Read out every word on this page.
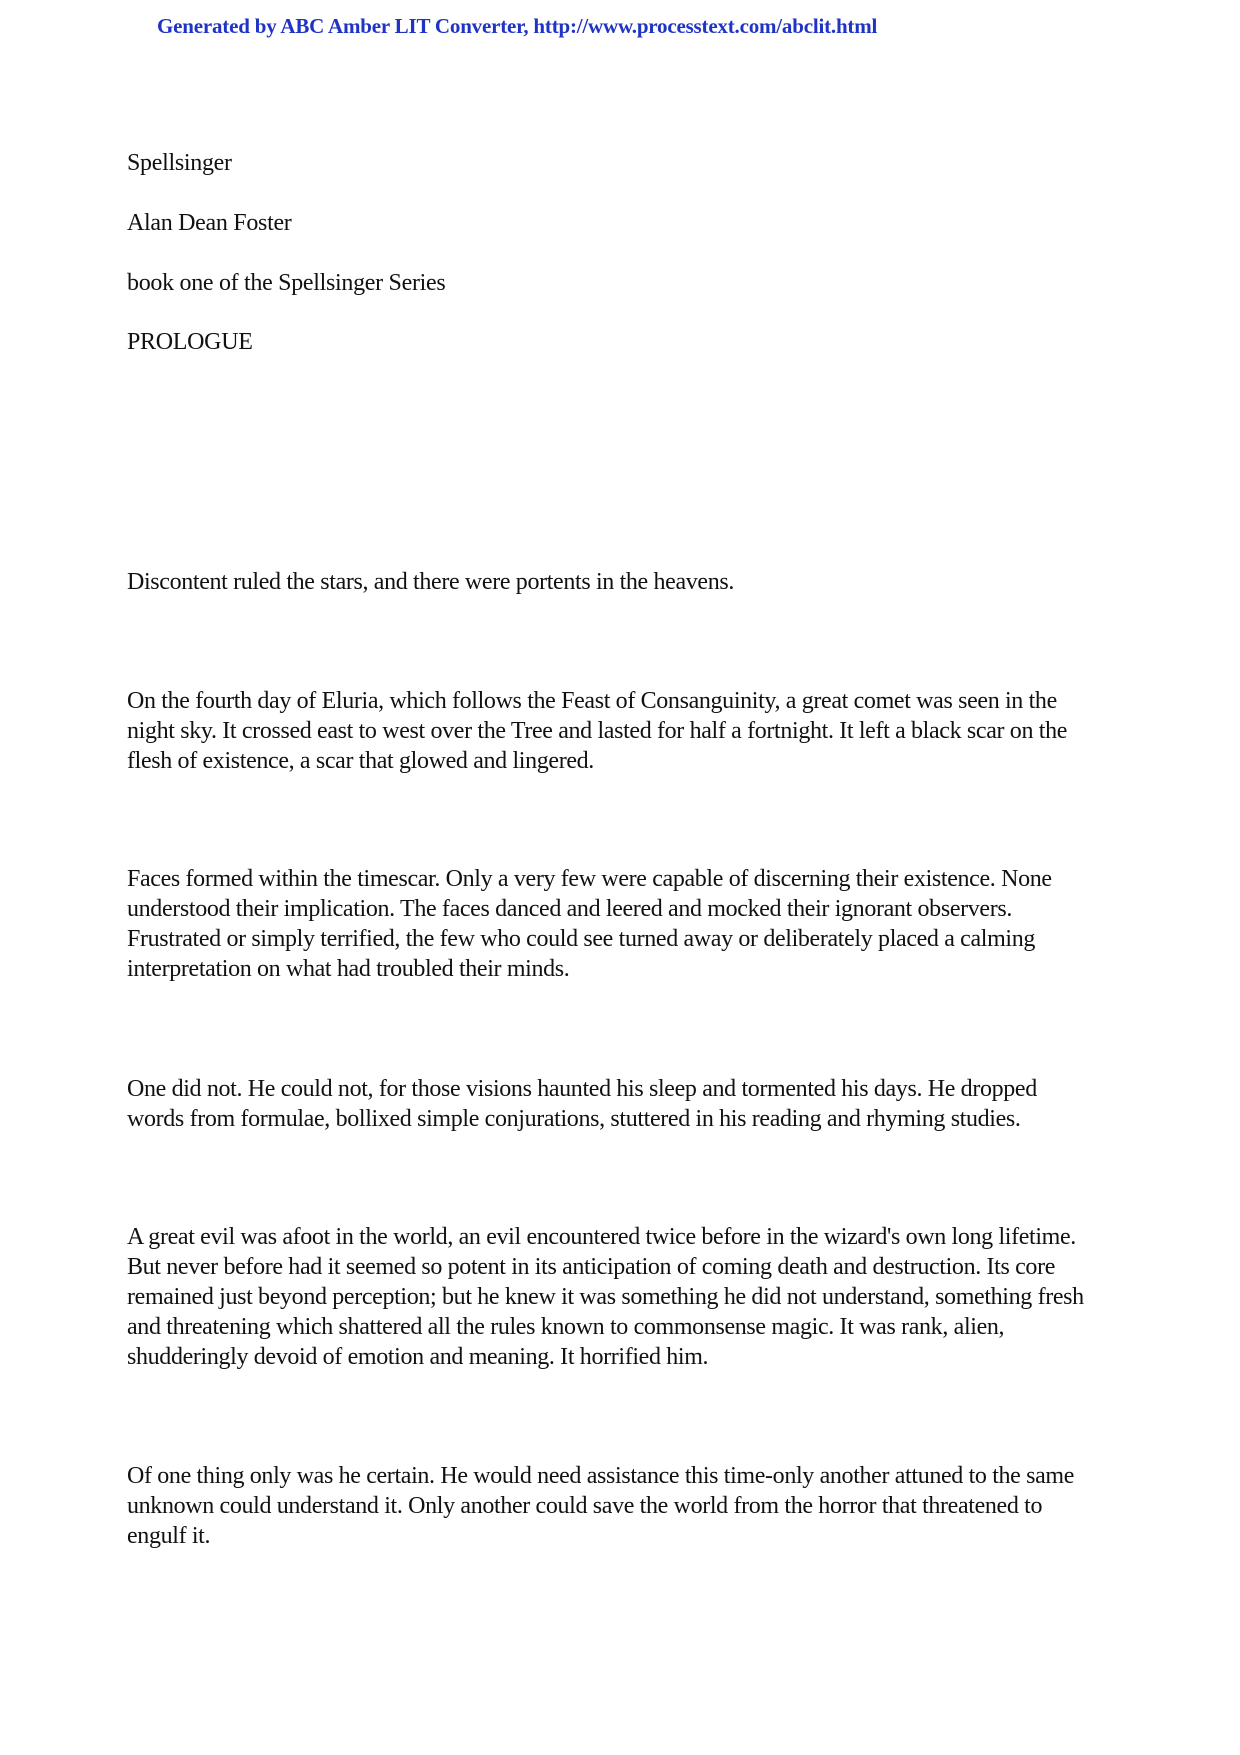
Generated by ABC Amber LIT Converter, http://www.processtext.com/abclit.html
Spellsinger
Alan Dean Foster
book one of the Spellsinger Series
PROLOGUE
Discontent ruled the stars, and there were portents in the heavens.
On the fourth day of Eluria, which follows the Feast of Consanguinity, a great comet was seen in the
night sky. It crossed east to west over the Tree and lasted for half a fortnight. It left a black scar on the
flesh of existence, a scar that glowed and lingered.
Faces formed within the timescar. Only a very few were capable of discerning their existence. None
understood their implication. The faces danced and leered and mocked their ignorant observers.
Frustrated or simply terrified, the few who could see turned away or deliberately placed a calming
interpretation on what had troubled their minds.
One did not. He could not, for those visions haunted his sleep and tormented his days. He dropped
words from formulae, bollixed simple conjurations, stuttered in his reading and rhyming studies.
A great evil was afoot in the world, an evil encountered twice before in the wizard's own long lifetime.
But never before had it seemed so potent in its anticipation of coming death and destruction. Its core
remained just beyond perception; but he knew it was something he did not understand, something fresh
and threatening which shattered all the rules known to commonsense magic. It was rank, alien,
shudderingly devoid of emotion and meaning. It horrified him.
Of one thing only was he certain. He would need assistance this time-only another attuned to the same
unknown could understand it. Only another could save the world from the horror that threatened to
engulf it.
